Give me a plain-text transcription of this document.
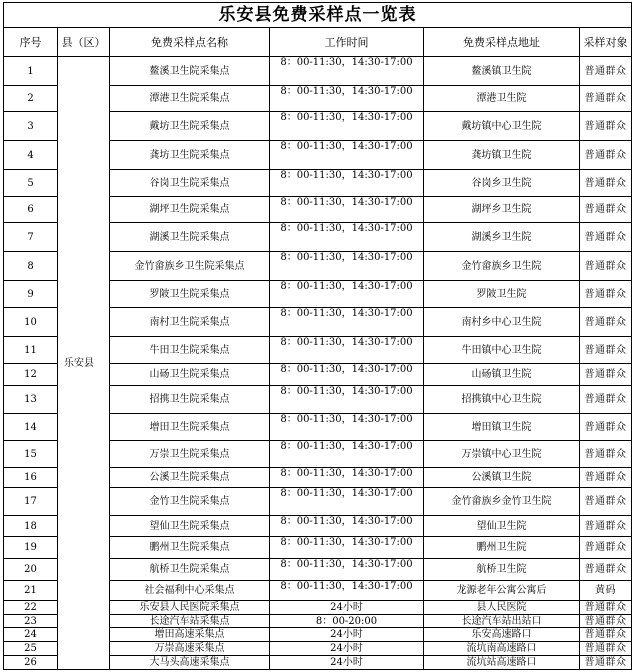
乐安县免费采样点一览表					
序号	县（区）	免费采样点名称	工作时间	免费采样点地址	采样对象
1	乐安县	鳌溪卫生院采集点	8：00-11:30，14:30-17:00	鳌溪镇卫生院	普通群众
2		潭港卫生院采集点	8：00-11:30，14:30-17:00	潭港卫生院	普通群众
3		戴坊卫生院采集点	8：00-11:30，14:30-17:00	戴坊镇中心卫生院	普通群众
4		龚坊卫生院采集点	8：00-11:30，14:30-17:00	龚坊镇卫生院	普通群众
5		谷岗卫生院采集点	8：00-11:30，14:30-17:00	谷岗乡卫生院	普通群众
6		湖坪卫生院采集点	8：00-11:30，14:30-17:00	湖坪乡卫生院	普通群众
7		湖溪卫生院采集点	8：00-11:30，14:30-17:00	湖溪乡卫生院	普通群众
8		金竹畲族乡卫生院采集点	8：00-11:30，14:30-17:00	金竹畲族乡卫生院	普通群众
9		罗陂卫生院采集点	8：00-11:30，14:30-17:00	罗陂卫生院	普通群众
10		南村卫生院采集点	8：00-11:30，14:30-17:00	南村乡中心卫生院	普通群众
11		牛田卫生院采集点	8：00-11:30，14:30-17:00	牛田镇中心卫生院	普通群众
12		山砀卫生院采集点	8：00-11:30，14:30-17:00	山砀镇卫生院	普通群众
13		招携卫生院采集点	8：00-11:30，14:30-17:00	招携镇中心卫生院	普通群众
14		增田卫生院采集点	8：00-11:30，14:30-17:00	增田镇卫生院	普通群众
15		万崇卫生院采集点	8：00-11:30，14:30-17:00	万崇镇中心卫生院	普通群众
16		公溪卫生院采集点	8：00-11:30，14:30-17:00	公溪镇卫生院	普通群众
17		金竹卫生院采集点	8：00-11:30，14:30-17:00	金竹畲族乡金竹卫生院	普通群众
18		望仙卫生院采集点	8：00-11:30，14:30-17:00	望仙卫生院	普通群众
19		鹏州卫生院采集点	8：00-11:30，14:30-17:00	鹏州卫生院	普通群众
20		航桥卫生院采集点	8：00-11:30，14:30-17:00	航桥卫生院	普通群众
21		社会福利中心采集点	8：00-11:30，14:30-17:00	龙源老年公寓公寓后	黄码
22		乐安县人民医院采集点	24小时	县人民医院	普通群众
23		长途汽车站采集点	8：00-20:00	长途汽车站出站口	普通群众
24		增田高速采集点	24小时	乐安高速路口	普通群众
25		万崇高速采集点	24小时	流坑南高速路口	普通群众
26		大马头高速采集点	24小时	流坑站高速路口	普通群众
